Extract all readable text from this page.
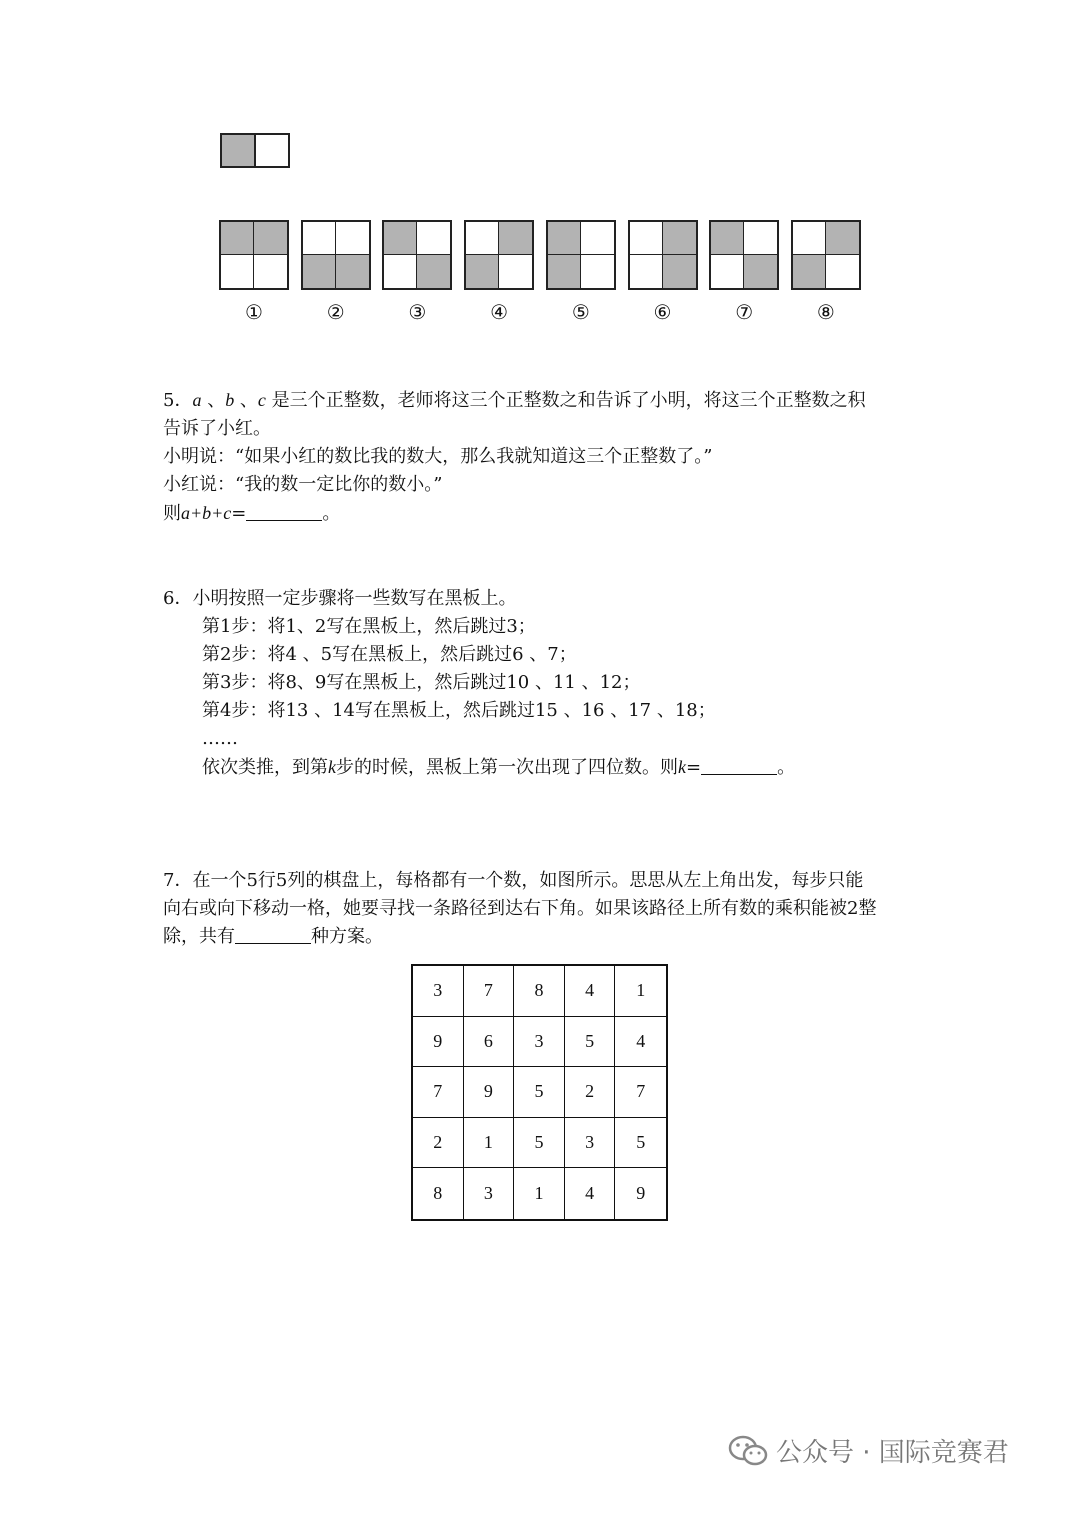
①	②	③	④	⑤	⑥	⑦	⑧
5．a 、b 、c 是三个正整数，老师将这三个正整数之和告诉了小明，将这三个正整数之积
告诉了小红。
小明说：“如果小红的数比我的数大，那么我就知道这三个正整数了。”
小红说：“我的数一定比你的数小。”
则a+b+c=	。
6．小明按照一定步骤将一些数写在黑板上。
第1步：将1、2写在黑板上，然后跳过3；
第2步：将4 、5写在黑板上，然后跳过6 、7；
第3步：将8、9写在黑板上，然后跳过10 、11 、12；
第4步：将13 、14写在黑板上，然后跳过15 、16 、17 、18；
……
依次类推，到第k步的时候，黑板上第一次出现了四位数。则k=	。
7．在一个5行5列的棋盘上，每格都有一个数，如图所示。思思从左上角出发，每步只能
向右或向下移动一格，她要寻找一条路径到达右下角。如果该路径上所有数的乘积能被2整
除，共有	种方案。
3	7	8	4	1
9	6	3	5	4
7	9	5	2	7
2	1	5	3	5
8	3	1	4	9
公众号 · 国际竞赛君
